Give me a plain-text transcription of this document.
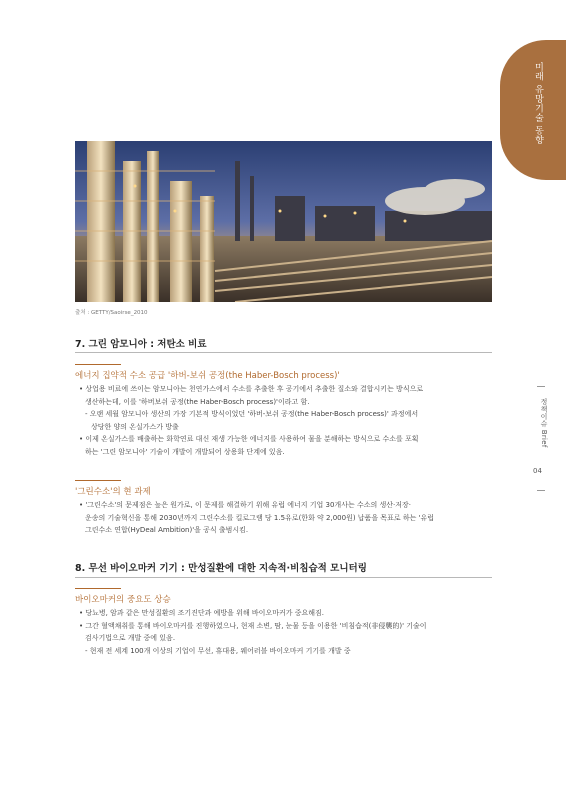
미래 유망기술 동향
정책이슈 Brief
04
출처 : GETTY/Saoirse_2010
7. 그린 암모니아 : 저탄소 비료
에너지 집약적 수소 공급 '하버-보쉬 공정(the Haber-Bosch process)'
• 상업용 비료에 쓰이는 암모니아는 천연가스에서 수소를 추출한 후 공기에서 추출한 질소와 결합시키는 방식으로
생산하는데, 이를 '하버보쉬 공정(the Haber-Bosch process)'이라고 함.
- 오랜 세월 암모니아 생산의 가장 기본적 방식이었던 '하버-보쉬 공정(the Haber-Bosch process)' 과정에서
상당한 양의 온실가스가 방출
• 이제 온실가스를 배출하는 화학연료 대신 재생 가능한 에너지를 사용하여 물을 분해하는 방식으로 수소를 포획
하는 '그린 암모니아' 기술이 개발이 개발되어 상용화 단계에 있음.
'그린수소'의 현 과제
• '그린수소'의 문제점은 높은 원가로, 이 문제를 해결하기 위해 유럽 에너지 기업 30개사는 수소의 생산·저장·
운송의 기술혁신을 통해 2030년까지 그린수소를 킬로그램 당 1.5유로(한화 약 2,000원) 납품을 목표로 하는 '유럽
그린수소 연합(HyDeal Ambition)'을 공식 출범시킴.
8. 무선 바이오마커 기기 : 만성질환에 대한 지속적·비침습적 모니터링
바이오마커의 중요도 상승
• 당뇨병, 암과 같은 만성질환의 조기진단과 예방을 위해 바이오마커가 중요해짐.
• 그간 혈액채취를 통해 바이오마커를 진행하였으나, 현재 소변, 땀, 눈물 등을 이용한 '비침습적(非侵襲的)' 기술이
검사기법으로 개발 중에 있음.
- 현재 전 세계 100개 이상의 기업이 무선, 휴대용, 웨어러블 바이오마커 기기를 개발 중
